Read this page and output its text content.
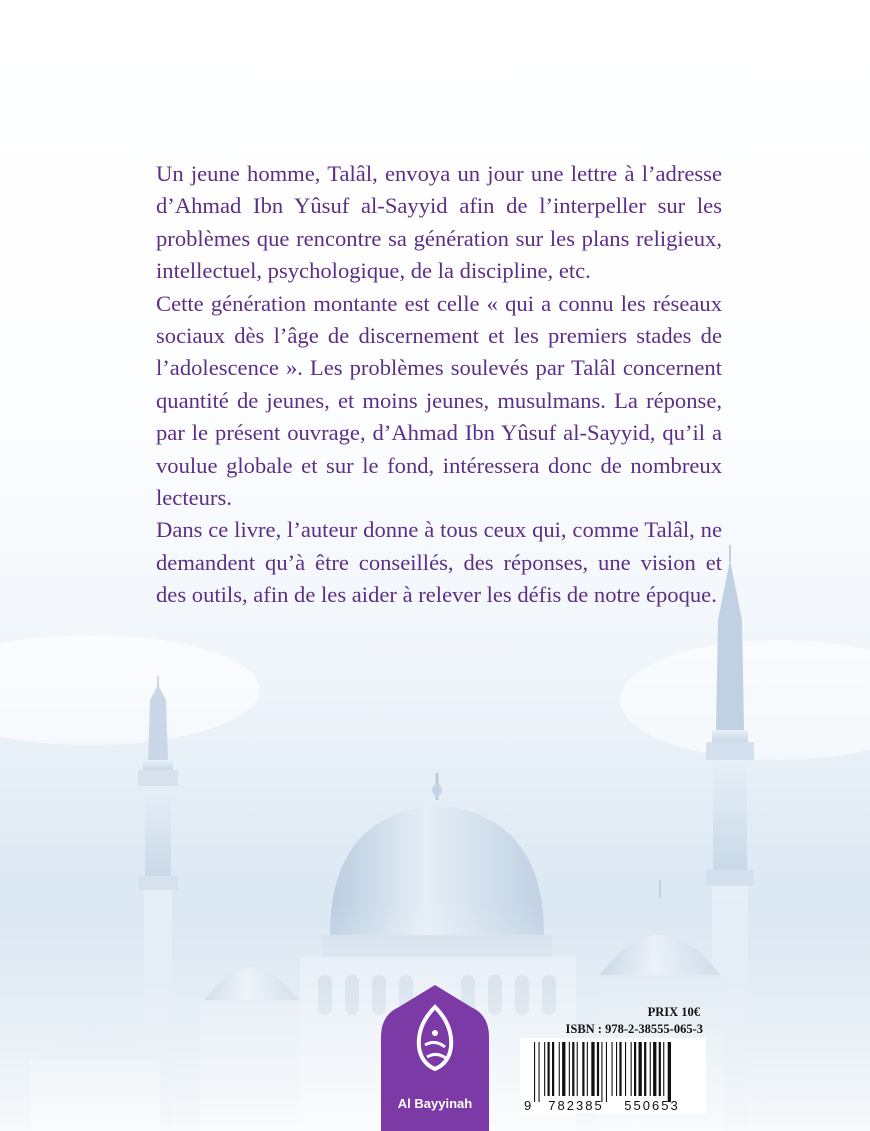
Un jeune homme, Talâl, envoya un jour une lettre à l’adresse d’Ahmad Ibn Yûsuf al-Sayyid afin de l’interpeller sur les problèmes que rencontre sa génération sur les plans religieux, intellectuel, psychologique, de la discipline, etc.

Cette génération montante est celle « qui a connu les réseaux sociaux dès l’âge de discernement et les premiers stades de l’adolescence ». Les problèmes soulevés par Talâl concernent quantité de jeunes, et moins jeunes, musulmans. La réponse, par le présent ouvrage, d’Ahmad Ibn Yûsuf al-Sayyid, qu’il a voulue globale et sur le fond, intéressera donc de nombreux lecteurs.

Dans ce livre, l’auteur donne à tous ceux qui, comme Talâl, ne demandent qu’à être conseillés, des réponses, une vision et des outils, afin de les aider à relever les défis de notre époque.

Al Bayyinah
PRIX 10€
ISBN : 978-2-38555-065-3
9 782385 550653
